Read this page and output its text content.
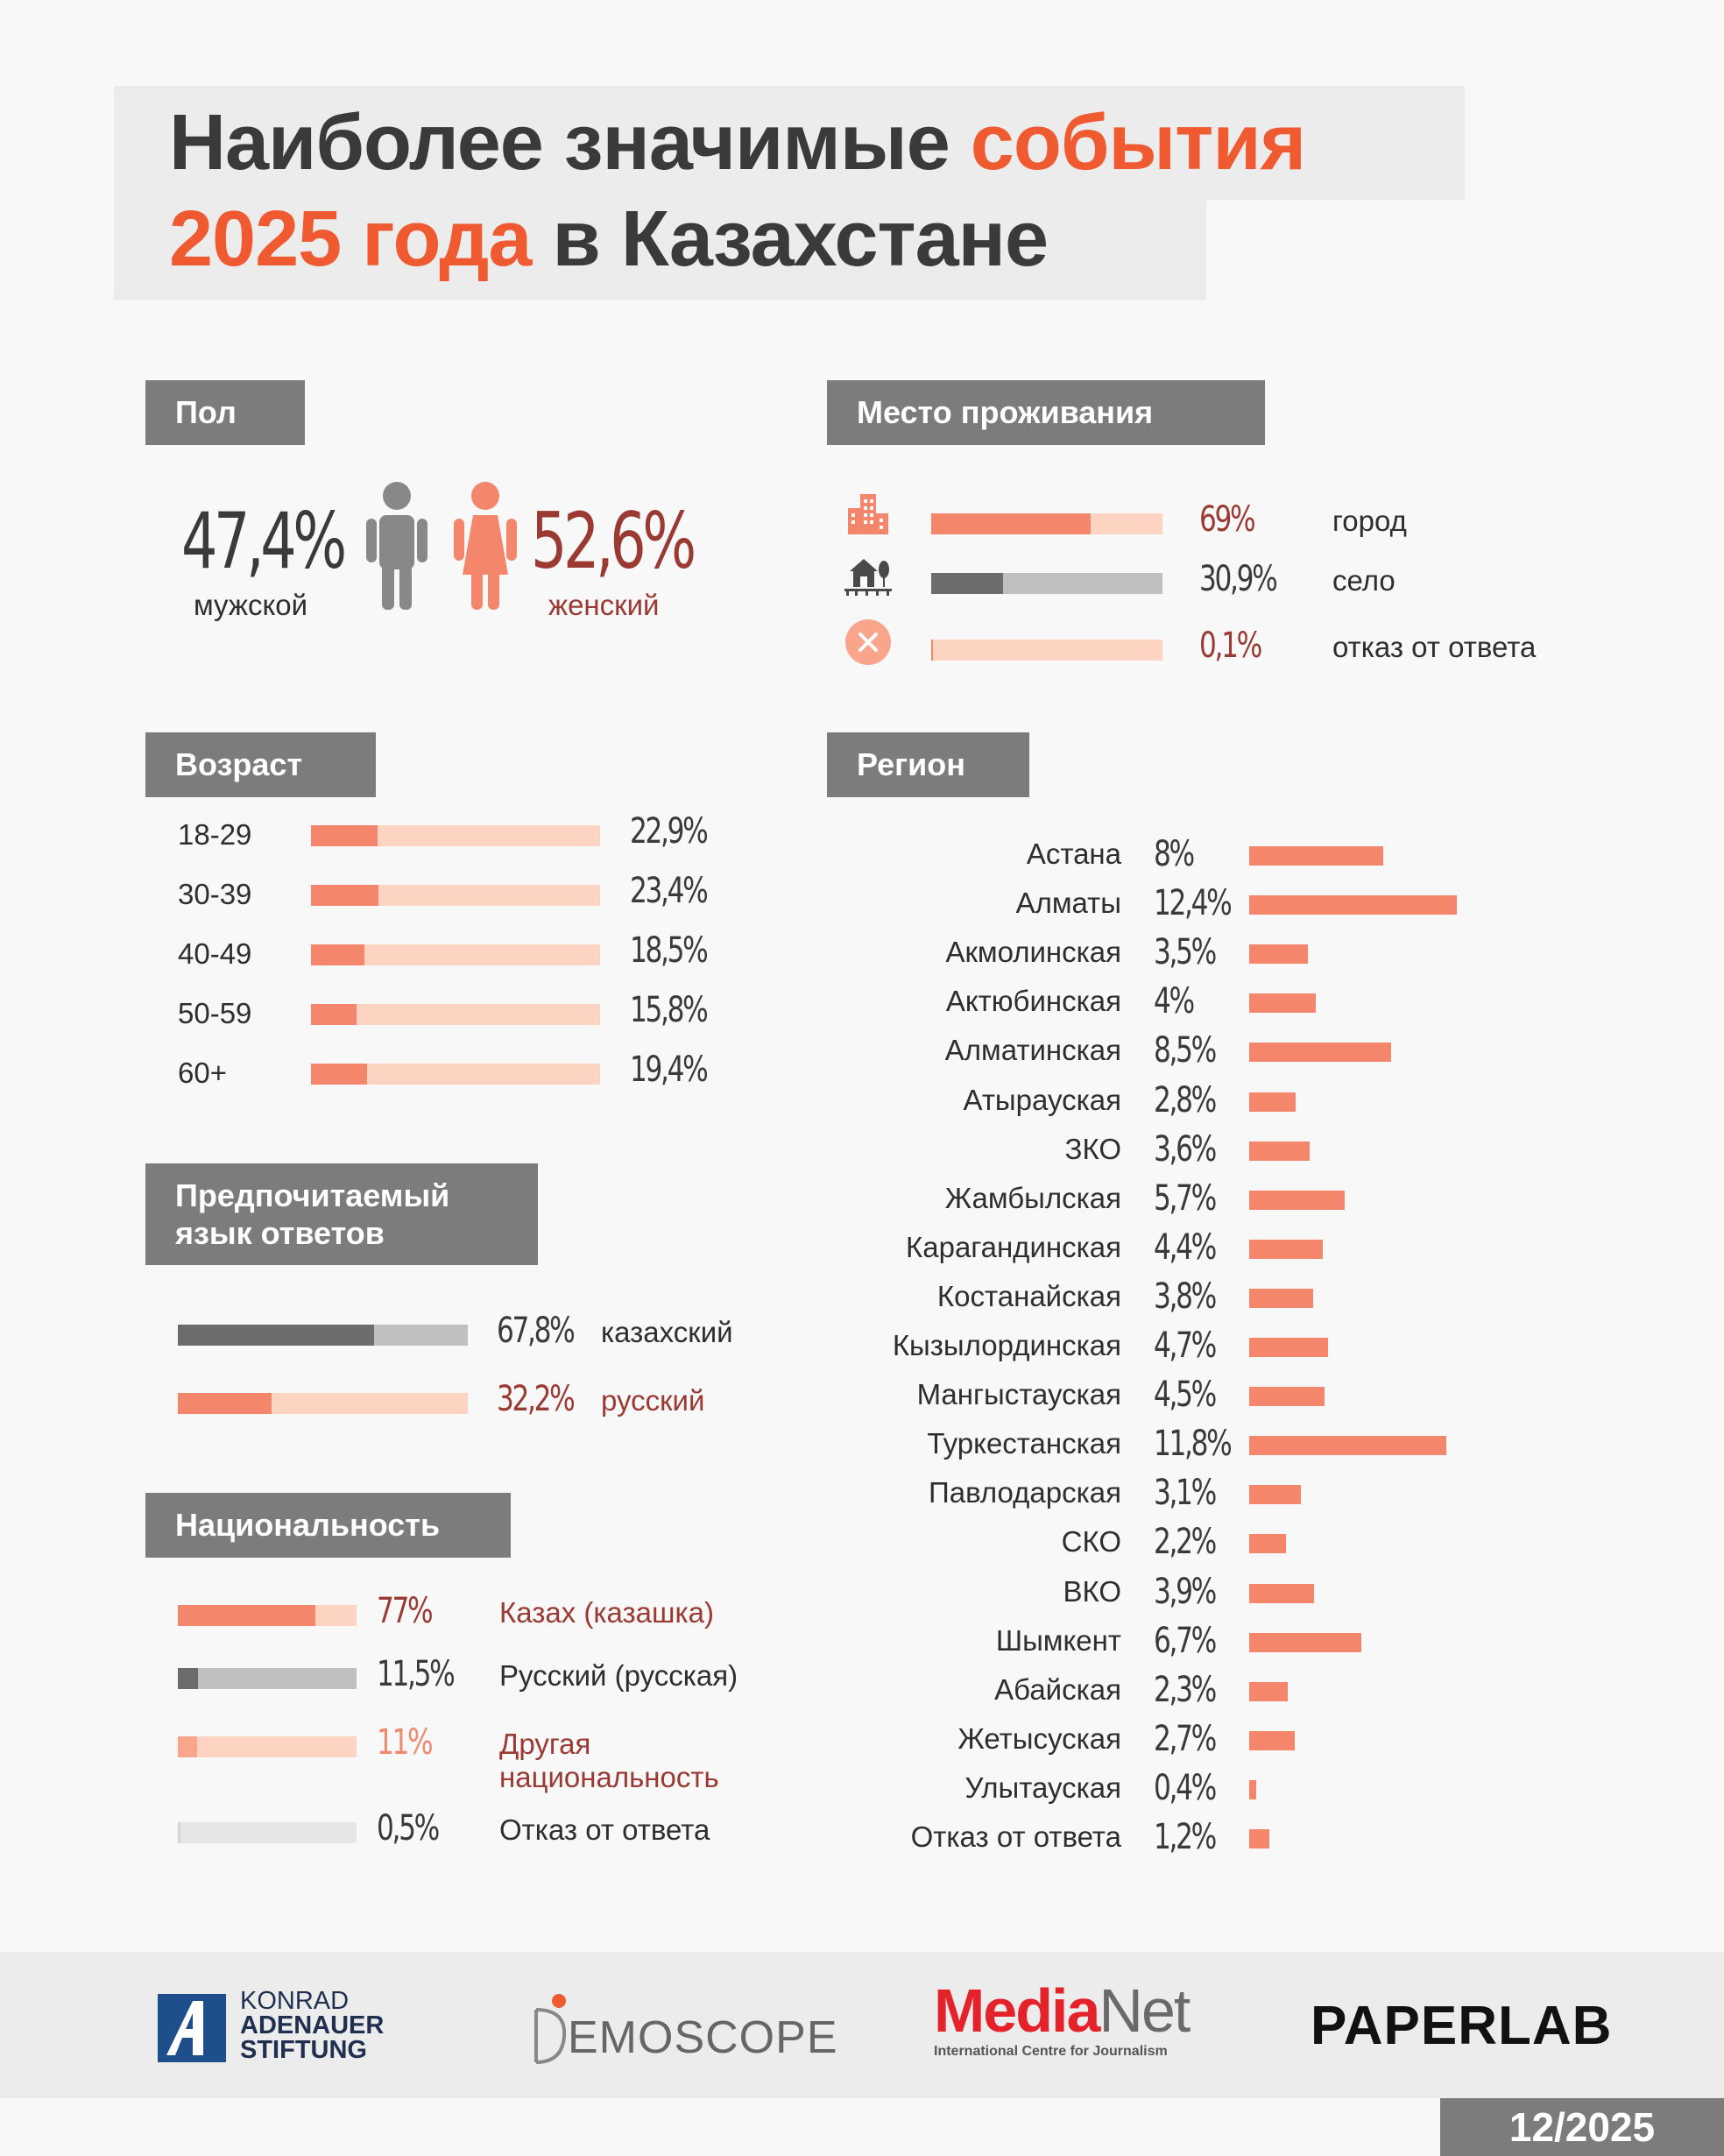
Наиболее значимые события
2025 года в Казахстане
Пол
47,4%
мужской
52,6%
женский
Место проживания
Возраст
Предпочитаемый
язык ответов
Национальность
Регион
KONRAD
ADENAUER
STIFTUNG	EMOSCOPE MediaNet
International Centre for Journalism	PAPERLAB
12/2025
69%	город
30,9% село
0,1% отказ от ответа
18-29	22,9%
30-39	23,4%
40-49	18,5%
50-59	15,8%
60+	19,4%
67,8% казахский
32,2% русский
77% Казах (казашка)
11,5% Русский (русская)
11% Другая национальность
0,5% Отказ от ответа
Астана 8%
Алматы 12,4%
Акмолинская 3,5%
Актюбинская 4%
Алматинская 8,5%
Атырауская 2,8%
ЗКО 3,6%
Жамбылская 5,7%
Карагандинская 4,4%
Костанайская 3,8%
Кызылординская 4,7%
Мангыстауская 4,5%
Туркестанская 11,8%
Павлодарская 3,1%
СКО 2,2%
ВКО 3,9%
Шымкент 6,7%
Абайская 2,3%
Жетысуская 2,7%
Улытауская 0,4%
Отказ от ответа 1,2%
